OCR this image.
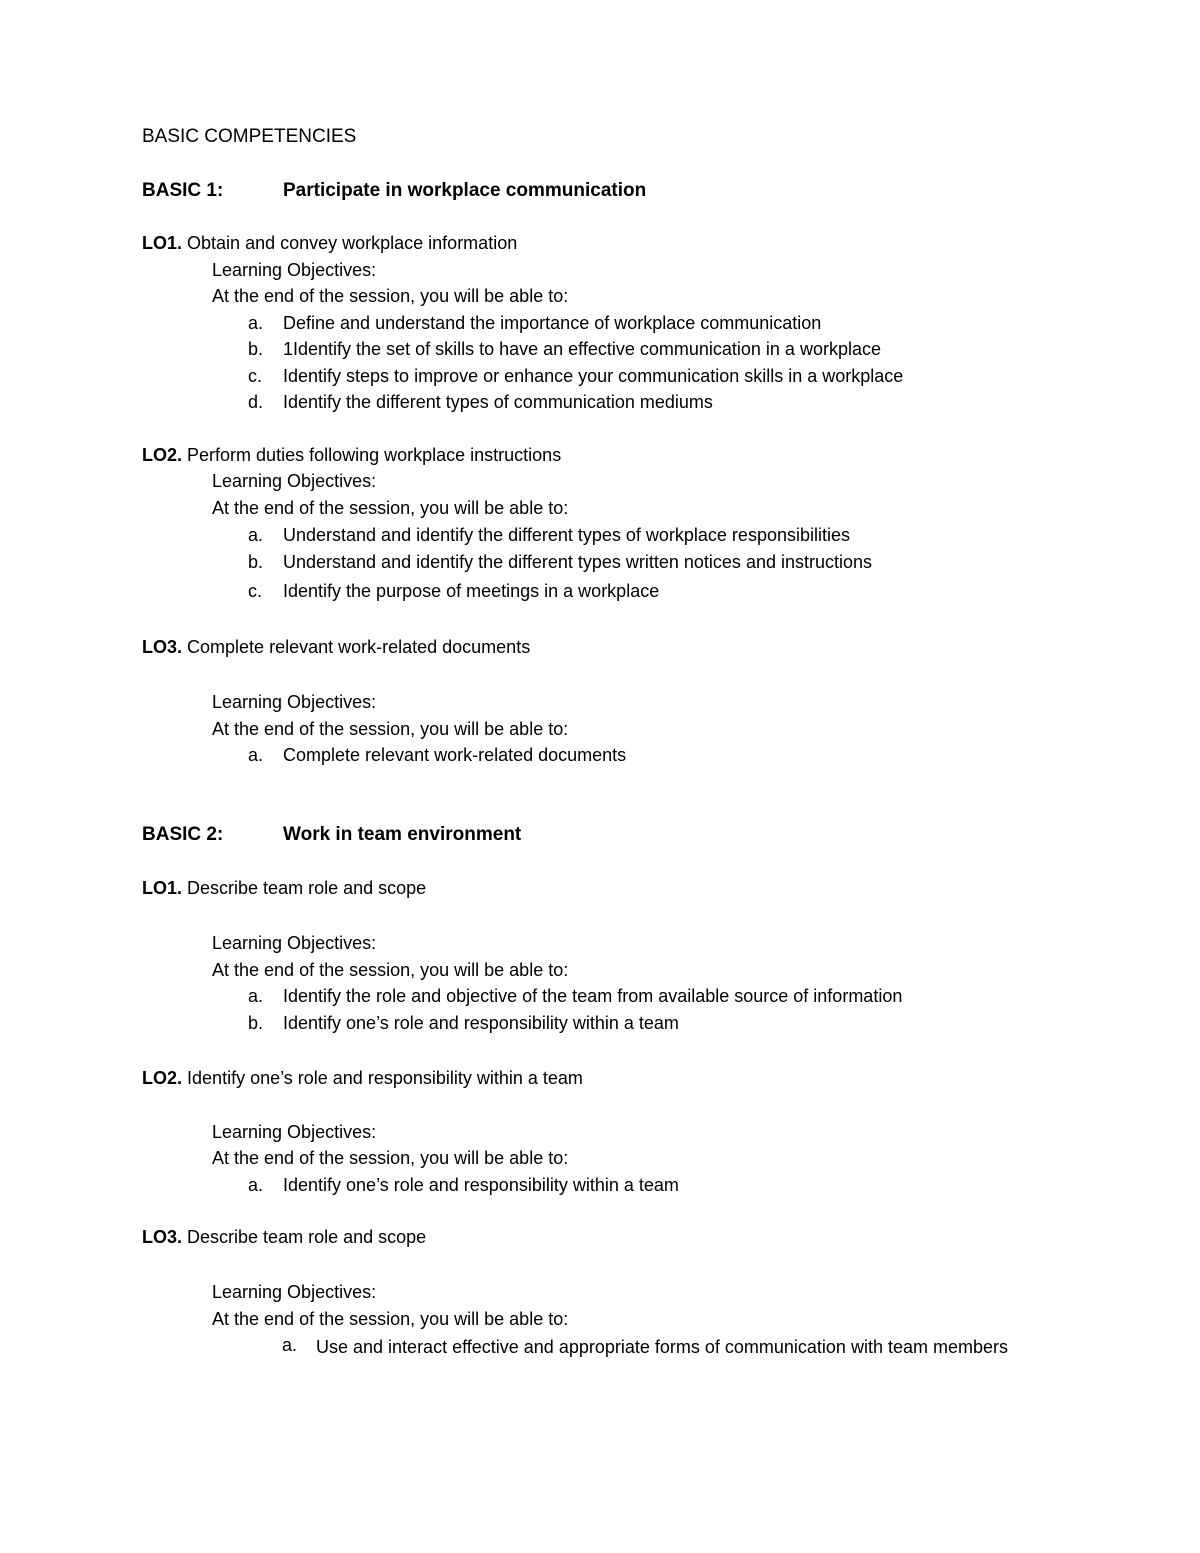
BASIC COMPETENCIES
BASIC 1:	Participate in workplace communication
LO1. Obtain and convey workplace information
Learning Objectives:
At the end of the session, you will be able to:
a. Define and understand the importance of workplace communication
b. 1Identify the set of skills to have an effective communication in a workplace
c. Identify steps to improve or enhance your communication skills in a workplace
d. Identify the different types of communication mediums
LO2. Perform duties following workplace instructions
Learning Objectives:
At the end of the session, you will be able to:
a. Understand and identify the different types of workplace responsibilities
b. Understand and identify the different types written notices and instructions
c. Identify the purpose of meetings in a workplace
LO3. Complete relevant work-related documents
Learning Objectives:
At the end of the session, you will be able to:
a. Complete relevant work-related documents
BASIC 2:	Work in team environment
LO1. Describe team role and scope
Learning Objectives:
At the end of the session, you will be able to:
a. Identify the role and objective of the team from available source of information
b. Identify one’s role and responsibility within a team
LO2. Identify one’s role and responsibility within a team
Learning Objectives:
At the end of the session, you will be able to:
a. Identify one’s role and responsibility within a team
LO3. Describe team role and scope
Learning Objectives:
At the end of the session, you will be able to:
a. Use and interact effective and appropriate forms of communication with team members
